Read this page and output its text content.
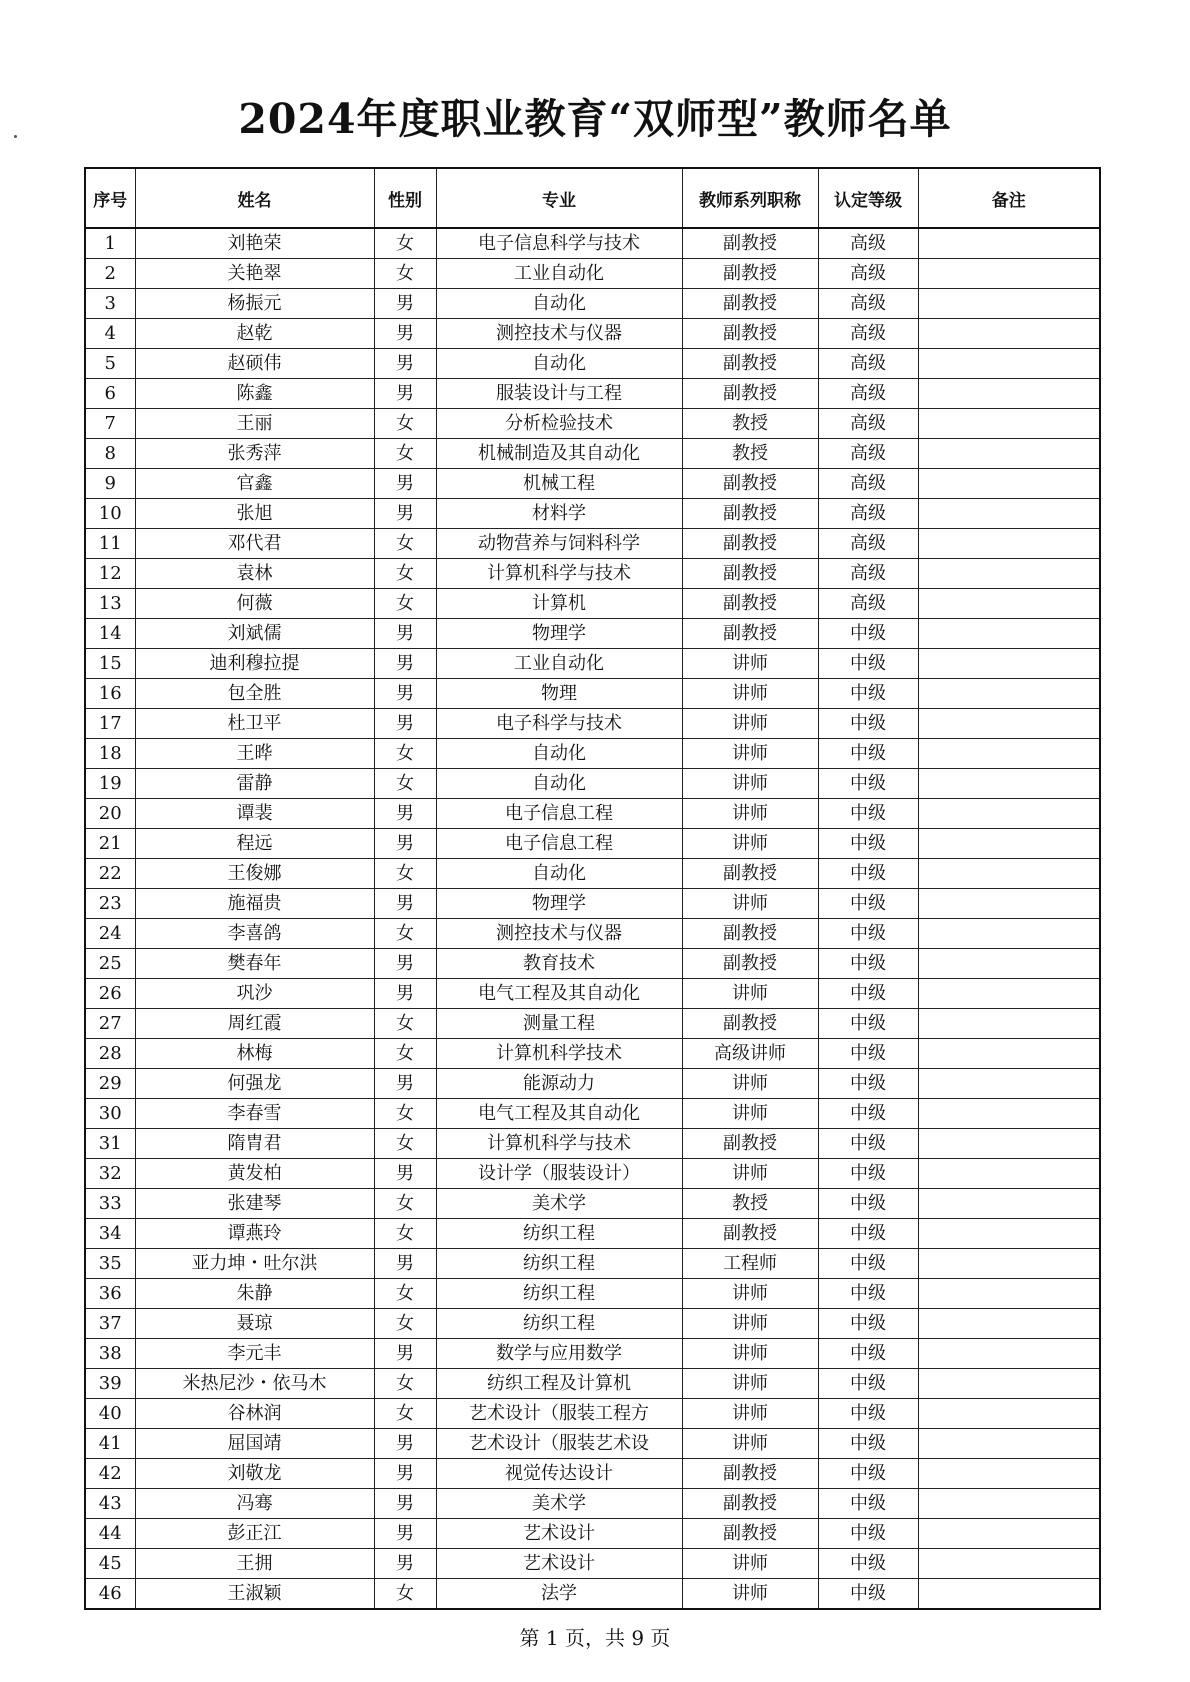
2024年度职业教育“双师型”教师名单
序号	姓名	性别	专业	教师系列职称	认定等级	备注
1	刘艳荣	女	电子信息科学与技术	副教授	高级	
2	关艳翠	女	工业自动化	副教授	高级	
3	杨振元	男	自动化	副教授	高级	
4	赵乾	男	测控技术与仪器	副教授	高级	
5	赵硕伟	男	自动化	副教授	高级	
6	陈鑫	男	服装设计与工程	副教授	高级	
7	王丽	女	分析检验技术	教授	高级	
8	张秀萍	女	机械制造及其自动化	教授	高级	
9	官鑫	男	机械工程	副教授	高级	
10	张旭	男	材料学	副教授	高级	
11	邓代君	女	动物营养与饲料科学	副教授	高级	
12	袁林	女	计算机科学与技术	副教授	高级	
13	何薇	女	计算机	副教授	高级	
14	刘斌儒	男	物理学	副教授	中级	
15	迪利穆拉提	男	工业自动化	讲师	中级	
16	包全胜	男	物理	讲师	中级	
17	杜卫平	男	电子科学与技术	讲师	中级	
18	王晔	女	自动化	讲师	中级	
19	雷静	女	自动化	讲师	中级	
20	谭裴	男	电子信息工程	讲师	中级	
21	程远	男	电子信息工程	讲师	中级	
22	王俊娜	女	自动化	副教授	中级	
23	施福贵	男	物理学	讲师	中级	
24	李喜鸽	女	测控技术与仪器	副教授	中级	
25	樊春年	男	教育技术	副教授	中级	
26	巩沙	男	电气工程及其自动化	讲师	中级	
27	周红霞	女	测量工程	副教授	中级	
28	林梅	女	计算机科学技术	高级讲师	中级	
29	何强龙	男	能源动力	讲师	中级	
30	李春雪	女	电气工程及其自动化	讲师	中级	
31	隋胄君	女	计算机科学与技术	副教授	中级	
32	黄发柏	男	设计学（服装设计）	讲师	中级	
33	张建琴	女	美术学	教授	中级	
34	谭燕玲	女	纺织工程	副教授	中级	
35	亚力坤・吐尔洪	男	纺织工程	工程师	中级	
36	朱静	女	纺织工程	讲师	中级	
37	聂琼	女	纺织工程	讲师	中级	
38	李元丰	男	数学与应用数学	讲师	中级	
39	米热尼沙・依马木	女	纺织工程及计算机	讲师	中级	
40	谷林润	女	艺术设计（服装工程方	讲师	中级	
41	屈国靖	男	艺术设计（服装艺术设	讲师	中级	
42	刘敬龙	男	视觉传达设计	副教授	中级	
43	冯骞	男	美术学	副教授	中级	
44	彭正江	男	艺术设计	副教授	中级	
45	王拥	男	艺术设计	讲师	中级	
46	王淑颖	女	法学	讲师	中级	

第 1 页，共 9 页
